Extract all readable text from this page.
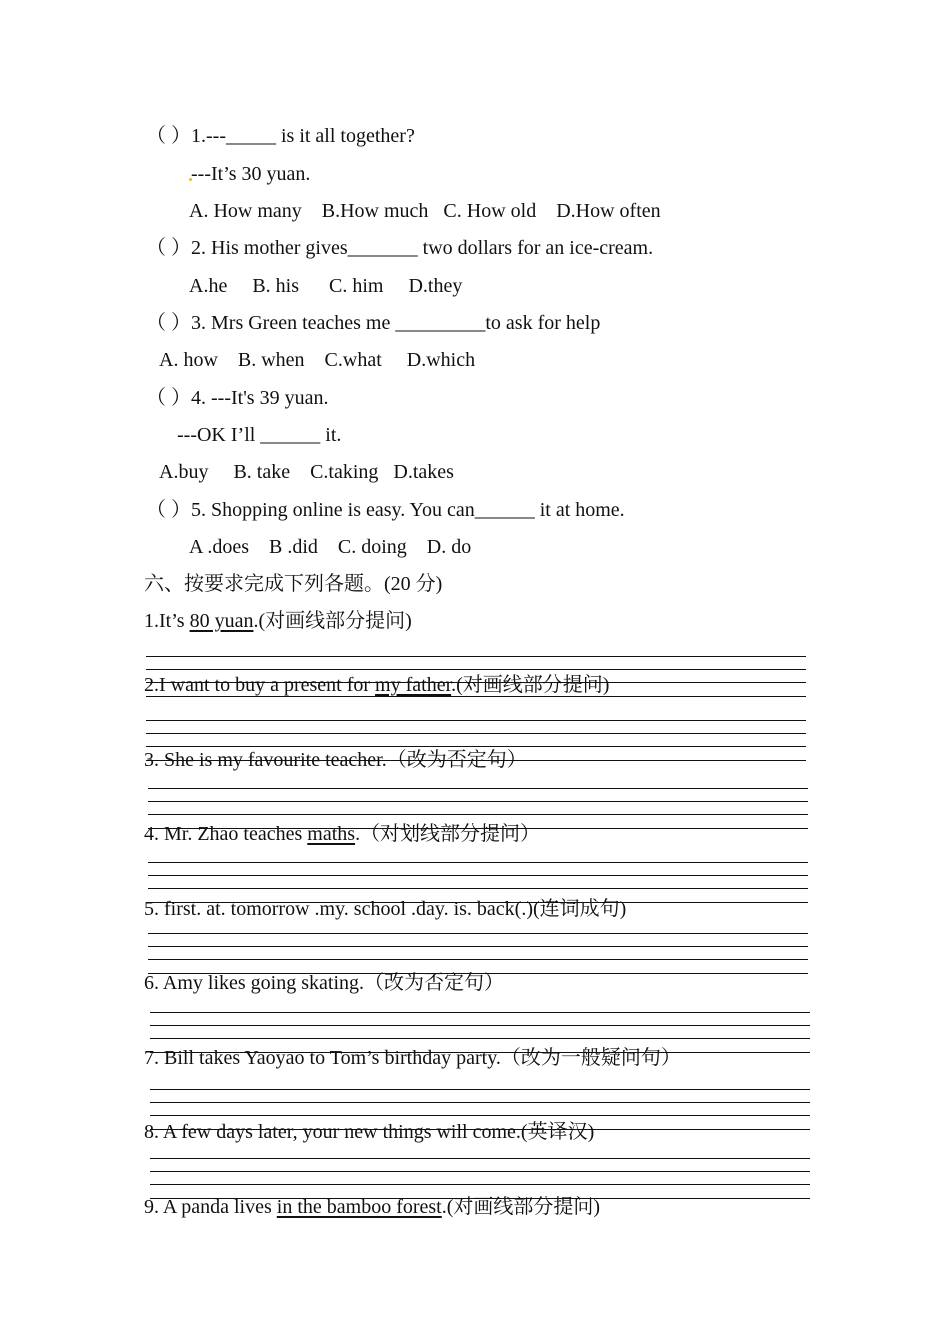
（ ）1.---_____ is it all together?
---It’s 30 yuan.
A. How many    B.How much   C. How old    D.How often
（ ）2. His mother gives_______ two dollars for an ice-cream.
A.he     B. his      C. him     D.they
（ ）3. Mrs Green teaches me _________to ask for help
A. how    B. when    C.what     D.which
（ ）4. ---It's 39 yuan.
---OK I’ll ______ it.
A.buy     B. take    C.taking   D.takes
（ ）5. Shopping online is easy. You can______ it at home.
A .does    B .did    C. doing    D. do
六、按要求完成下列各题。(20 分)
1.It’s 80 yuan.(对画线部分提问)
2.I want to buy a present for my father.(对画线部分提问)
3. She is my favourite teacher.（改为否定句）
4. Mr. Zhao teaches maths.（对划线部分提问）
5. first. at. tomorrow .my. school .day. is. back(.)(连词成句)
6. Amy likes going skating.（改为否定句）
7. Bill takes Yaoyao to Tom’s birthday party.（改为一般疑问句）
8. A few days later, your new things will come.(英译汉)
9. A panda lives in the bamboo forest.(对画线部分提问)
